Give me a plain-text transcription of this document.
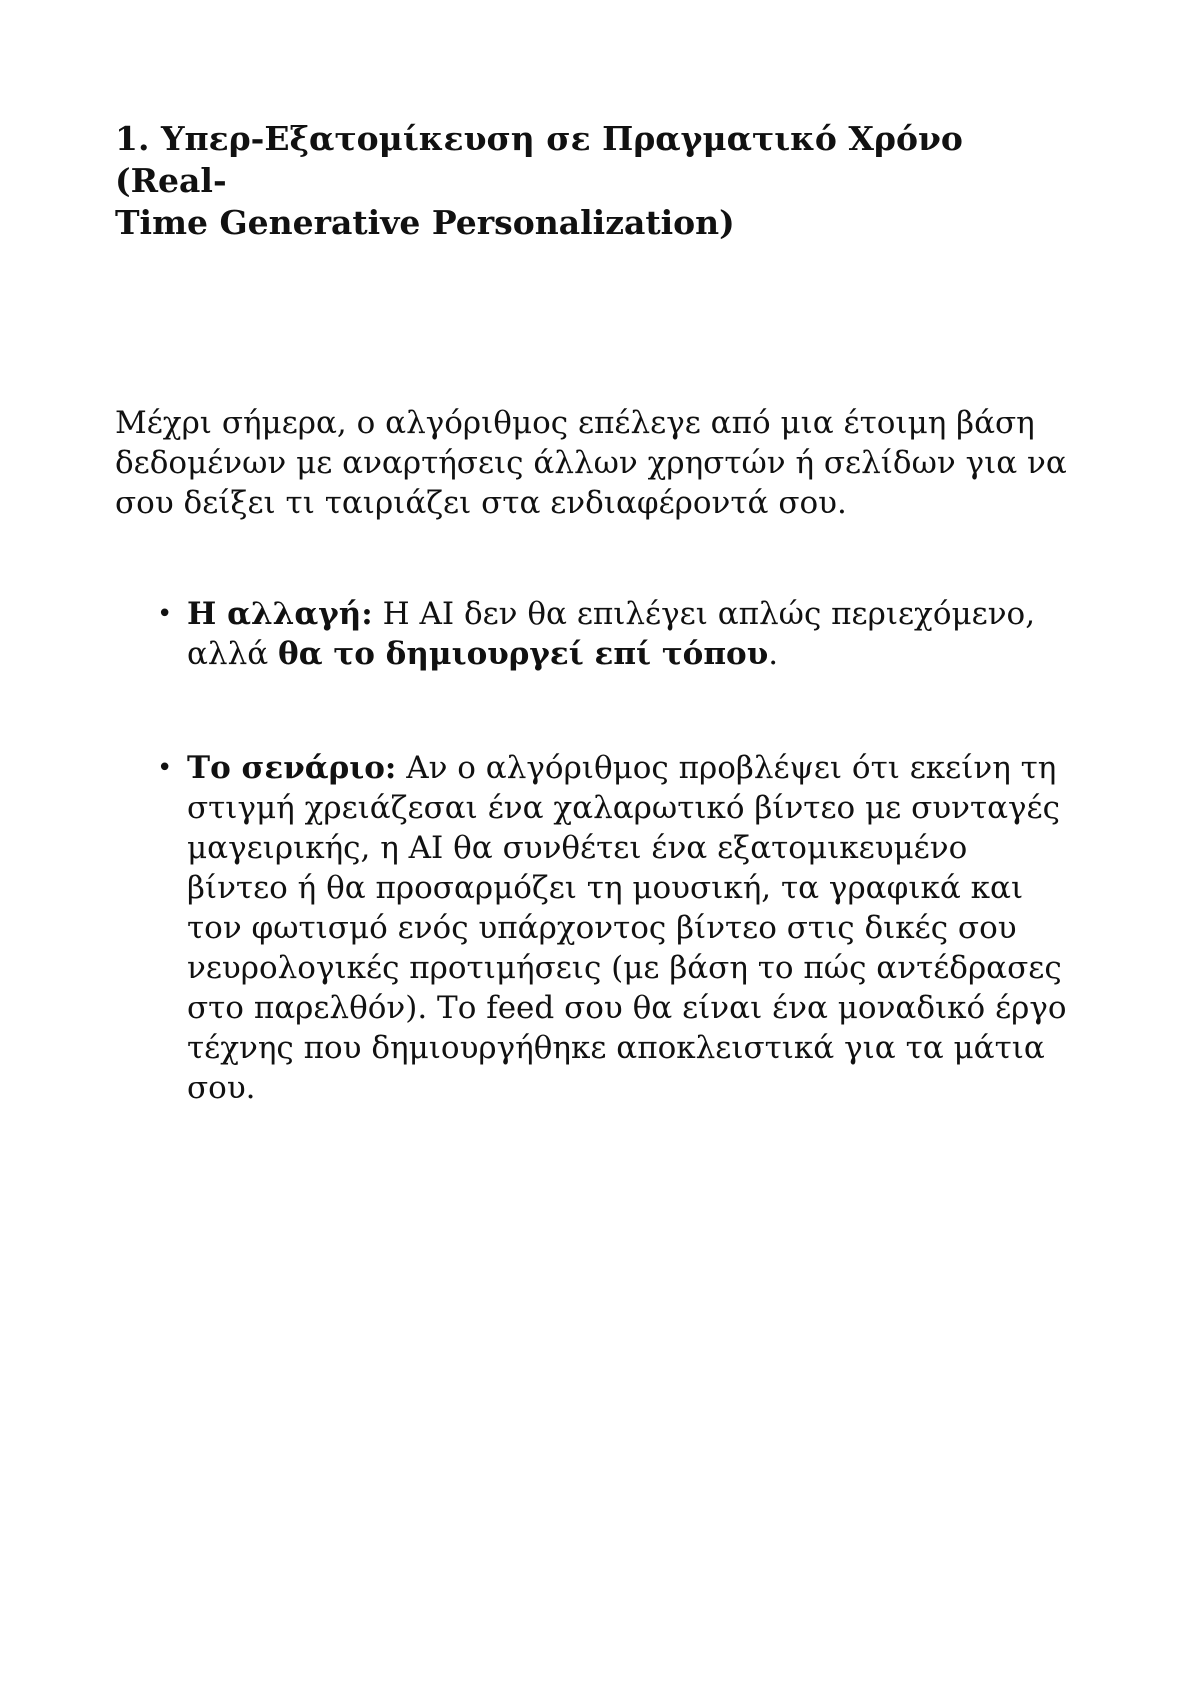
1. Υπερ-Εξατομίκευση σε Πραγματικό Χρόνο (Real-
Time Generative Personalization)

Μέχρι σήμερα, ο αλγόριθμος επέλεγε από μια έτοιμη βάση δεδομένων με αναρτήσεις άλλων χρηστών ή σελίδων για να σου δείξει τι ταιριάζει στα ενδιαφέροντά σου.

• Η αλλαγή: Η AI δεν θα επιλέγει απλώς περιεχόμενο, αλλά θα το δημιουργεί επί τόπου.
• Το σενάριο: Αν ο αλγόριθμος προβλέψει ότι εκείνη τη στιγμή χρειάζεσαι ένα χαλαρωτικό βίντεο με συνταγές μαγειρικής, η AI θα συνθέτει ένα εξατομικευμένο βίντεο ή θα προσαρμόζει τη μουσική, τα γραφικά και τον φωτισμό ενός υπάρχοντος βίντεο στις δικές σου νευρολογικές προτιμήσεις (με βάση το πώς αντέδρασες στο παρελθόν). Το feed σου θα είναι ένα μοναδικό έργο τέχνης που δημιουργήθηκε αποκλειστικά για τα μάτια σου.
